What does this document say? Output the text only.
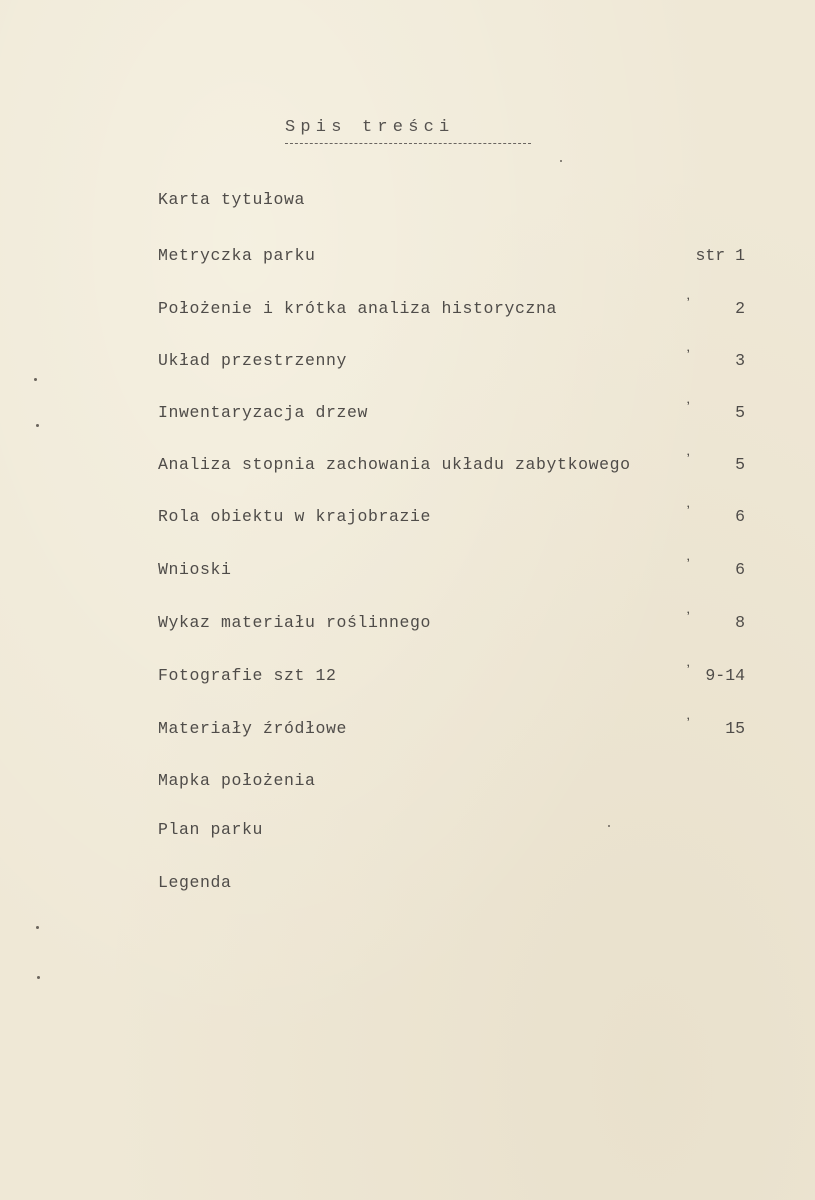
Spis treści
Karta tytułowa
Metryczka parku	str 1
Położenie i krótka analiza historyczna	ʼ	2
Układ przestrzenny	ʼ	3
Inwentaryzacja drzew	ʼ	5
Analiza stopnia zachowania układu zabytkowego	ʼ	5
Rola obiektu w krajobrazie	ʼ	6
Wnioski	ʼ	6
Wykaz materiału roślinnego	ʼ	8
Fotografie szt 12	ʼ 9-14
Materiały źródłowe	ʼ 15
Mapka położenia
Plan parku
Legenda
